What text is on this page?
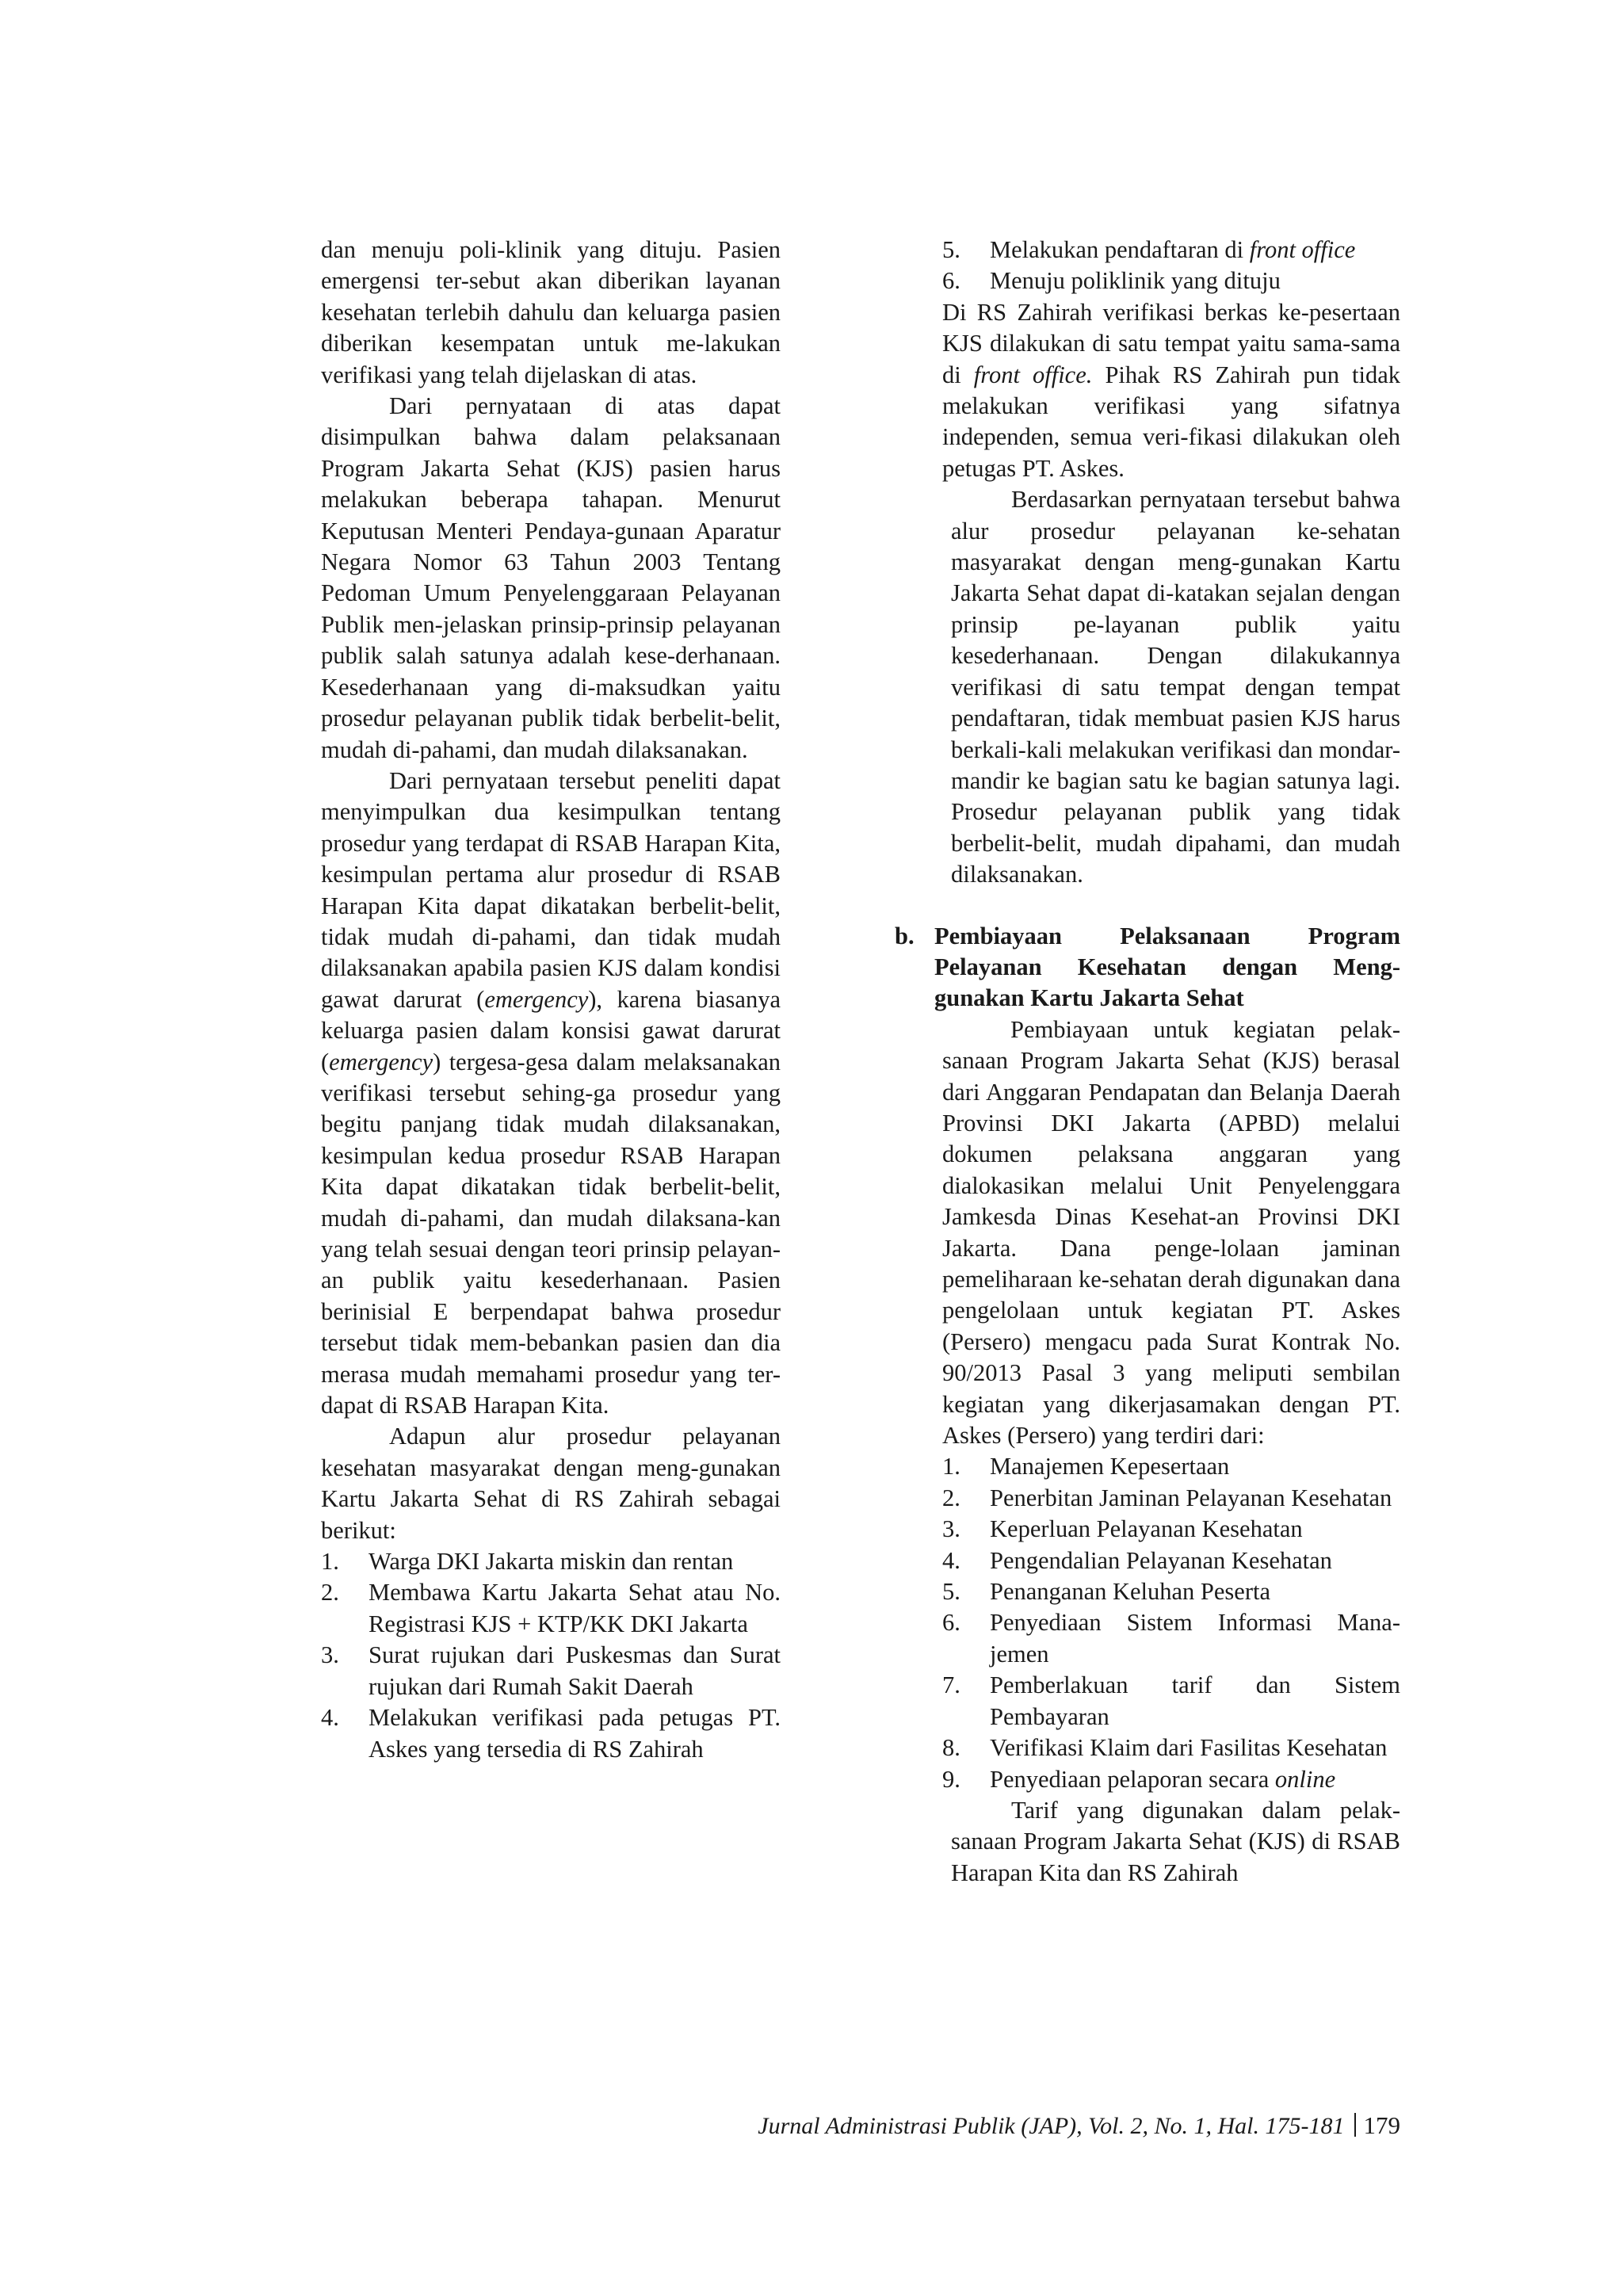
dan menuju poli-klinik yang dituju. Pasien emergensi ter-sebut akan diberikan layanan kesehatan terlebih dahulu dan keluarga pasien diberikan kesempatan untuk me-lakukan verifikasi yang telah dijelaskan di atas.

Dari pernyataan di atas dapat disimpulkan bahwa dalam pelaksanaan Program Jakarta Sehat (KJS) pasien harus melakukan beberapa tahapan. Menurut Keputusan Menteri Pendaya-gunaan Aparatur Negara Nomor 63 Tahun 2003 Tentang Pedoman Umum Penyelenggaraan Pelayanan Publik men-jelaskan prinsip-prinsip pelayanan publik salah satunya adalah kese-derhanaan. Kesederhanaan yang di-maksudkan yaitu prosedur pelayanan publik tidak berbelit-belit, mudah di-pahami, dan mudah dilaksanakan.

Dari pernyataan tersebut peneliti dapat menyimpulkan dua kesimpulkan tentang prosedur yang terdapat di RSAB Harapan Kita, kesimpulan pertama alur prosedur di RSAB Harapan Kita dapat dikatakan berbelit-belit, tidak mudah di-pahami, dan tidak mudah dilaksanakan apabila pasien KJS dalam kondisi gawat darurat (emergency), karena biasanya keluarga pasien dalam konsisi gawat darurat (emergency) tergesa-gesa dalam melaksanakan verifikasi tersebut sehing-ga prosedur yang begitu panjang tidak mudah dilaksanakan, kesimpulan kedua prosedur RSAB Harapan Kita dapat dikatakan tidak berbelit-belit, mudah di-pahami, dan mudah dilaksana-kan yang telah sesuai dengan teori prinsip pelayan-an publik yaitu kesederhanaan. Pasien berinisial E berpendapat bahwa prosedur tersebut tidak mem-bebankan pasien dan dia merasa mudah memahami prosedur yang ter-dapat di RSAB Harapan Kita.

Adapun alur prosedur pelayanan kesehatan masyarakat dengan meng-gunakan Kartu Jakarta Sehat di RS Zahirah sebagai berikut:

1.	Warga DKI Jakarta miskin dan rentan
2.	Membawa Kartu Jakarta Sehat atau No. Registrasi KJS + KTP/KK DKI Jakarta
3.	Surat rujukan dari Puskesmas dan Surat rujukan dari Rumah Sakit Daerah
4.	Melakukan verifikasi pada petugas PT. Askes yang tersedia di RS Zahirah
5.	Melakukan pendaftaran di front office
6.	Menuju poliklinik yang dituju

Di RS Zahirah verifikasi berkas ke-pesertaan KJS dilakukan di satu tempat yaitu sama-sama di front office. Pihak RS Zahirah pun tidak melakukan verifikasi yang sifatnya independen, semua veri-fikasi dilakukan oleh petugas PT. Askes.

Berdasarkan pernyataan tersebut bahwa alur prosedur pelayanan ke-sehatan masyarakat dengan meng-gunakan Kartu Jakarta Sehat dapat di-katakan sejalan dengan prinsip pe-layanan publik yaitu kesederhanaan. Dengan dilakukannya verifikasi di satu tempat dengan tempat pendaftaran, tidak membuat pasien KJS harus berkali-kali melakukan verifikasi dan mondar-mandir ke bagian satu ke bagian satunya lagi. Prosedur pelayanan publik yang tidak berbelit-belit, mudah dipahami, dan mudah dilaksanakan.

b. Pembiayaan Pelaksanaan Program Pelayanan Kesehatan dengan Meng-gunakan Kartu Jakarta Sehat

Pembiayaan untuk kegiatan pelak-sanaan Program Jakarta Sehat (KJS) berasal dari Anggaran Pendapatan dan Belanja Daerah Provinsi DKI Jakarta (APBD) melalui dokumen pelaksana anggaran yang dialokasikan melalui Unit Penyelenggara Jamkesda Dinas Kesehat-an Provinsi DKI Jakarta. Dana penge-lolaan jaminan pemeliharaan ke-sehatan derah digunakan dana pengelolaan untuk kegiatan PT. Askes (Persero) mengacu pada Surat Kontrak No. 90/2013 Pasal 3 yang meliputi sembilan kegiatan yang dikerjasamakan dengan PT. Askes (Persero) yang terdiri dari:

1.	Manajemen Kepesertaan
2.	Penerbitan Jaminan Pelayanan Kesehatan
3.	Keperluan Pelayanan Kesehatan
4.	Pengendalian Pelayanan Kesehatan
5.	Penanganan Keluhan Peserta
6.	Penyediaan Sistem Informasi Mana-jemen
7.	Pemberlakuan tarif dan Sistem Pembayaran
8.	Verifikasi Klaim dari Fasilitas Kesehatan
9.	Penyediaan pelaporan secara online

Tarif yang digunakan dalam pelak-sanaan Program Jakarta Sehat (KJS) di RSAB Harapan Kita dan RS Zahirah

Jurnal Administrasi Publik (JAP), Vol. 2, No. 1, Hal. 175-181 179
